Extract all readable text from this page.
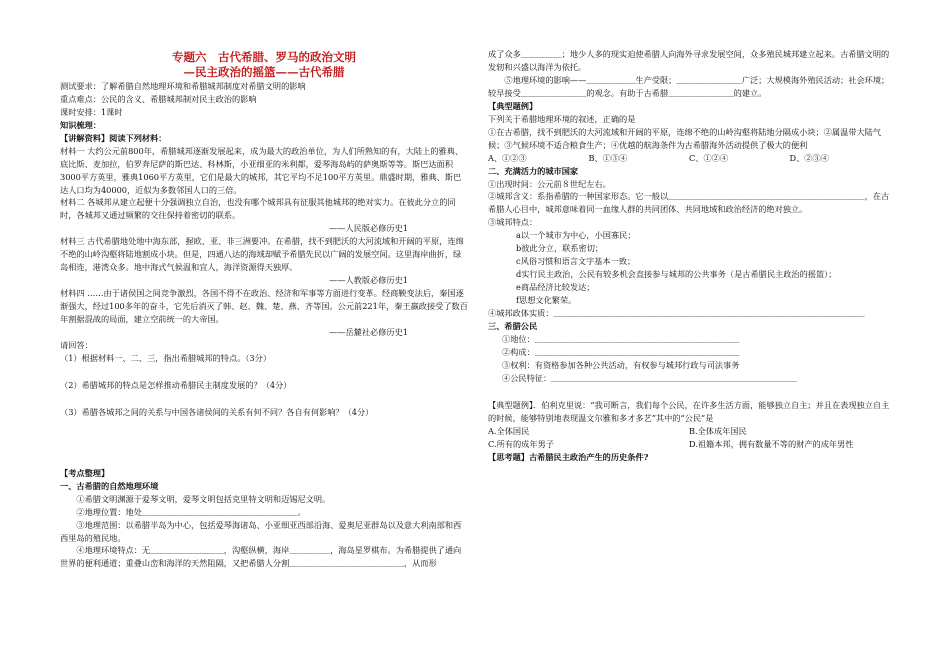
专题六　古代希腊、罗马的政治文明

—民主政治的摇篮——古代希腊

测试要求：了解希腊自然地理环境和希腊城邦制度对希腊文明的影响

重点难点：公民的含义、希腊城邦制对民主政治的影响

课时安排：1课时

知识梳理：

【讲解资料】阅读下列材料：

材料一 大约公元前800年，希腊城邦逐渐发展起来，成为最大的政治单位，为人们所熟知的有，大陆上的雅典、底比斯、麦加拉，伯罗奔尼萨的斯巴达、科林斯，小亚细亚的米利都，爱琴海岛屿的萨奥斯等等。斯巴达面积3000平方英里，雅典1060平方英里，它们是最大的城邦，其它平均不足100平方英里。鼎盛时期，雅典、斯巴达人口均为40000，近似为多数邻国人口的三倍。

材料二 各城邦从建立起便十分强调独立自治，也没有哪个城邦具有征服其他城邦的绝对实力。在彼此分立的同时，各城邦又通过频繁的交往保持着密切的联系。

——人民版必修历史1

材料三 古代希腊地处地中海东部，握欧、亚、非三洲要冲。在希腊，找不到肥沃的大河流域和开阔的平原，连绵不绝的山岭沟壑将陆地割成小块。但是，四通八达的海域却赋予希腊先民以广阔的发展空间。这里海岸曲折，绿岛相连，港湾众多。地中海式气候温和宜人，海洋资源得天独厚。

——人教版必修历史1

材料四 ……由于诸侯国之间竞争激烈，各国不得不在政治、经济和军事等方面进行变革。经商鞅变法后，秦国逐渐强大，经过100多年的奋斗，它先后消灭了韩、赵、魏、楚、燕、齐等国。公元前221年，秦王嬴政接受了数百年割据混战的局面，建立空前统一的大帝国。

——岳麓社必修历史1

请回答：

（1）根据材料一、二、三，指出希腊城邦的特点。（3分）

（2）希腊城邦的特点是怎样推动希腊民主制度发展的？（4分）

（3）希腊各城邦之间的关系与中国各诸侯间的关系有何不同？各自有何影响？（4分）

【考点整理】

一、古希腊的自然地理环境

①希腊文明渊源于爱琴文明，爱琴文明包括克里特文明和迈锡尼文明。

②地理位置：地处＿＿＿＿＿＿＿＿＿＿＿＿＿＿＿＿＿＿＿。

③地理范围：以希腊半岛为中心，包括爱琴海诸岛、小亚细亚西部沿海、爱奥尼亚群岛以及意大利南部和西西里岛的殖民地。

④地理环境特点：无＿＿＿＿＿＿＿＿＿，沟壑纵横，海岸＿＿＿＿＿，海岛星罗棋布。为希腊提供了通向世界的便利通道；重叠山峦和海洋的天然阻隔，又把希腊人分割＿＿＿＿＿＿＿＿＿＿＿＿＿＿，从而形

成了众多＿＿＿＿＿；地少人多的现实迫使希腊人向海外寻求发展空间，众多殖民城邦建立起来。古希腊文明的发轫和兴盛以海洋为依托。

⑤地理环境的影响——＿＿＿＿＿＿生产受限；＿＿＿＿＿＿＿＿广泛；大规模海外殖民活动；社会环境；较早接受＿＿＿＿＿＿＿＿的观念。有助于古希腊＿＿＿＿＿＿＿＿的建立。

【典型题例】

下列关于希腊地理环境的叙述，正确的是

①在古希腊，找不到肥沃的大河流域和开阔的平原，连绵不绝的山岭沟壑将陆地分隔成小块；②属温带大陆气候；③气候环境不适合粮食生产；④优越的航海条件为古希腊海外活动提供了极大的便利

A、①②③	B、①③④	C、①②④	D、②③④

二、充满活力的城市国家

①出现时间：公元前８世纪左右。

②城邦含义：系指希腊的一种国家形态。它一般以＿＿＿＿＿＿＿＿＿＿＿＿＿＿＿＿＿＿＿＿＿＿＿＿，在古希腊人心目中，城邦意味着同一血缘人群的共同团体、共同地域和政治经济的绝对独立。

③城邦特点：

a以一个城市为中心，小国寡民；

b彼此分立，联系密切；

c风俗习惯和语言文字基本一致；

d实行民主政治，公民有较多机会直接参与城邦的公共事务（是古希腊民主政治的摇篮）；

e商品经济比较发达；

f思想文化繁荣。

④城邦政体实质：＿＿＿＿＿＿＿＿＿＿＿＿＿＿＿＿＿＿＿＿＿＿＿＿＿＿＿＿＿＿＿＿＿＿＿＿＿＿

三、希腊公民

①地位：＿＿＿＿＿＿＿＿＿＿＿＿＿＿＿＿＿＿＿＿＿＿＿＿＿

②构成：＿＿＿＿＿＿＿＿＿＿＿＿＿＿＿＿＿＿＿＿＿＿＿＿＿

③权利：有资格参加各种公共活动，有权参与城邦行政与司法事务

④公民特征：＿＿＿＿＿＿＿＿＿＿＿＿＿＿＿＿＿＿＿＿＿＿＿＿＿＿＿＿＿＿

【典型题例】．伯利克里说：“我可断言，我们每个公民，在许多生活方面，能够独立自主；并且在表现独立自主的时候，能够特别地表现温文尔雅和多才多艺”其中的“公民”是

A.全体国民	B.全体成年国民
C.所有的成年男子	D.祖籍本邦，拥有数量不等的财产的成年男性

【思考题】古希腊民主政治产生的历史条件?
